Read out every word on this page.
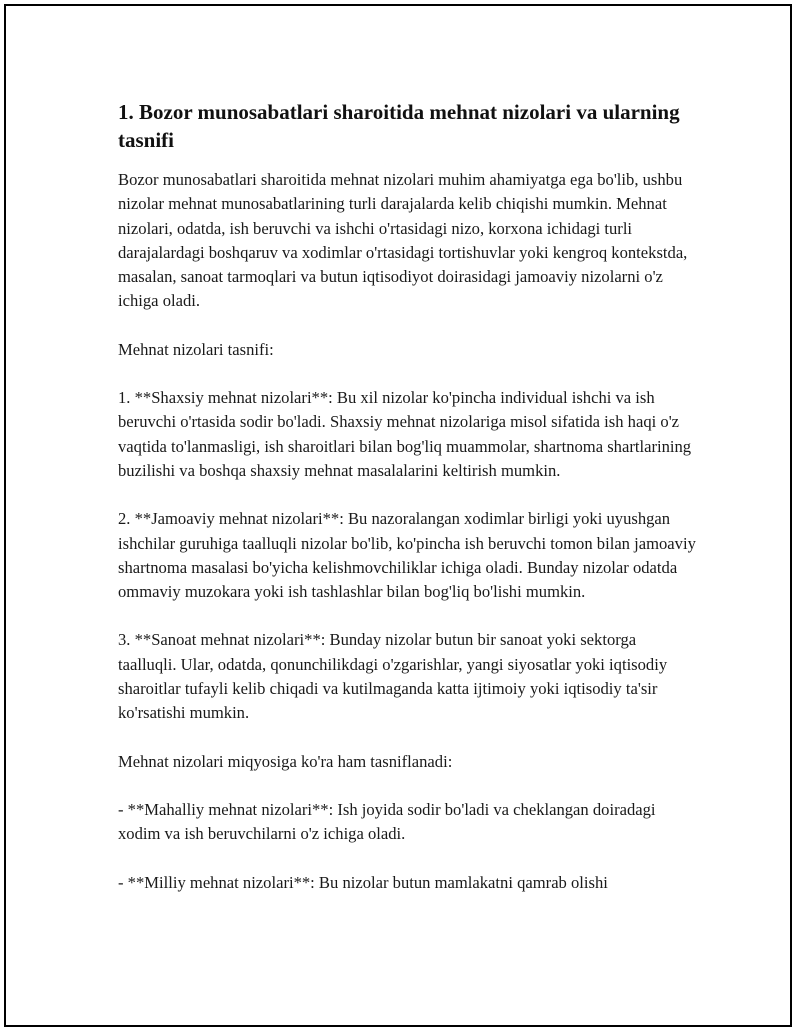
1. Bozor munosabatlari sharoitida mehnat nizolari va ularning tasnifi

Bozor munosabatlari sharoitida mehnat nizolari muhim ahamiyatga ega bo'lib, ushbu nizolar mehnat munosabatlarining turli darajalarda kelib chiqishi mumkin. Mehnat nizolari, odatda, ish beruvchi va ishchi o'rtasidagi nizo, korxona ichidagi turli darajalardagi boshqaruv va xodimlar o'rtasidagi tortishuvlar yoki kengroq kontekstda, masalan, sanoat tarmoqlari va butun iqtisodiyot doirasidagi jamoaviy nizolarni o'z ichiga oladi.

Mehnat nizolari tasnifi:

1. **Shaxsiy mehnat nizolari**: Bu xil nizolar ko'pincha individual ishchi va ish beruvchi o'rtasida sodir bo'ladi. Shaxsiy mehnat nizolariga misol sifatida ish haqi o'z vaqtida to'lanmasligi, ish sharoitlari bilan bog'liq muammolar, shartnoma shartlarining buzilishi va boshqa shaxsiy mehnat masalalarini keltirish mumkin.

2. **Jamoaviy mehnat nizolari**: Bu nazoralangan xodimlar birligi yoki uyushgan ishchilar guruhiga taalluqli nizolar bo'lib, ko'pincha ish beruvchi tomon bilan jamoaviy shartnoma masalasi bo'yicha kelishmovchiliklar ichiga oladi. Bunday nizolar odatda ommaviy muzokara yoki ish tashlashlar bilan bog'liq bo'lishi mumkin.

3. **Sanoat mehnat nizolari**: Bunday nizolar butun bir sanoat yoki sektorga taalluqli. Ular, odatda, qonunchilikdagi o'zgarishlar, yangi siyosatlar yoki iqtisodiy sharoitlar tufayli kelib chiqadi va kutilmaganda katta ijtimoiy yoki iqtisodiy ta'sir ko'rsatishi mumkin.

Mehnat nizolari miqyosiga ko'ra ham tasniflanadi:

- **Mahalliy mehnat nizolari**: Ish joyida sodir bo'ladi va cheklangan doiradagi xodim va ish beruvchilarni o'z ichiga oladi.

- **Milliy mehnat nizolari**: Bu nizolar butun mamlakatni qamrab olishi
